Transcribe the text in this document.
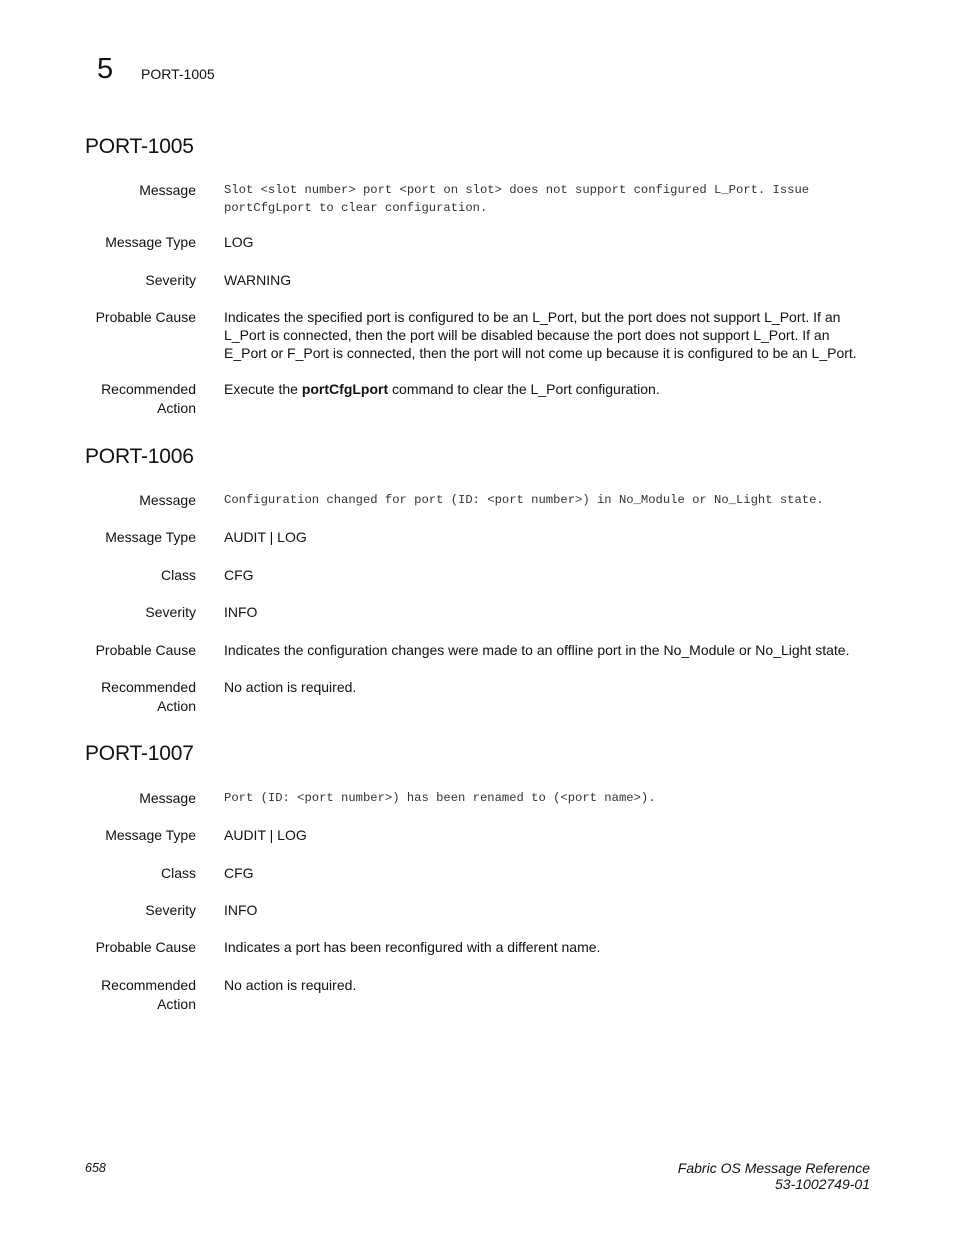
5 PORT-1005
PORT-1005
Message Slot <slot number> port <port on slot> does not support configured L_Port. Issue portCfgLport to clear configuration.
Message Type LOG
Severity WARNING
Probable Cause Indicates the specified port is configured to be an L_Port, but the port does not support L_Port. If an L_Port is connected, then the port will be disabled because the port does not support L_Port. If an E_Port or F_Port is connected, then the port will not come up because it is configured to be an L_Port.
Recommended
Action
Execute the portCfgLport command to clear the L_Port configuration.
PORT-1006
Message Configuration changed for port (ID: <port number>) in No_Module or No_Light state.
Message Type AUDIT | LOG
Class CFG
Severity INFO
Probable Cause Indicates the configuration changes were made to an offline port in the No_Module or No_Light state.
Recommended
Action
No action is required.
PORT-1007
Message Port (ID: <port number>) has been renamed to (<port name>).
Message Type AUDIT | LOG
Class CFG
Severity INFO
Probable Cause Indicates a port has been reconfigured with a different name.
Recommended
Action
No action is required.
658	Fabric OS Message Reference
53-1002749-01
